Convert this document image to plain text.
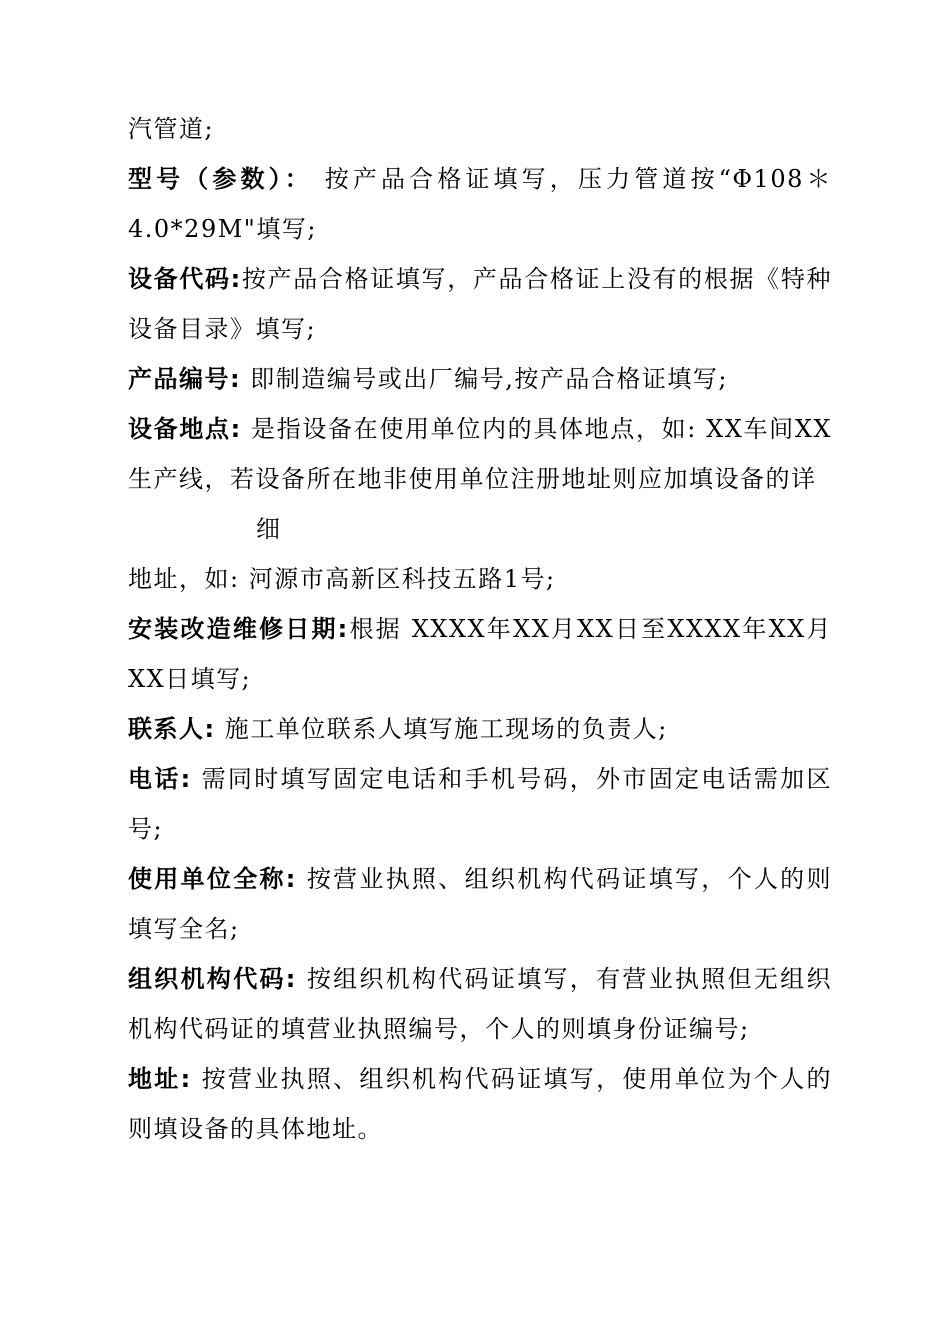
汽管道;

型号（参数）： 按产品合格证填写，压力管道按“Φ108＊4.0*29M"填写;

设备代码:按产品合格证填写，产品合格证上没有的根据《特种设备目录》填写;

产品编号: 即制造编号或出厂编号,按产品合格证填写;

设备地点: 是指设备在使用单位内的具体地点，如: XX车间XX生产线，若设备所在地非使用单位注册地址则应加填设备的详

细

地址，如: 河源市高新区科技五路1号;

安装改造维修日期:根据 XXXX年XX月XX日至XXXX年XX月XX日填写;

联系人: 施工单位联系人填写施工现场的负责人;

电话: 需同时填写固定电话和手机号码，外市固定电话需加区号;

使用单位全称: 按营业执照、组织机构代码证填写，个人的则填写全名;

组织机构代码: 按组织机构代码证填写，有营业执照但无组织机构代码证的填营业执照编号，个人的则填身份证编号;

地址: 按营业执照、组织机构代码证填写，使用单位为个人的则填设备的具体地址。
